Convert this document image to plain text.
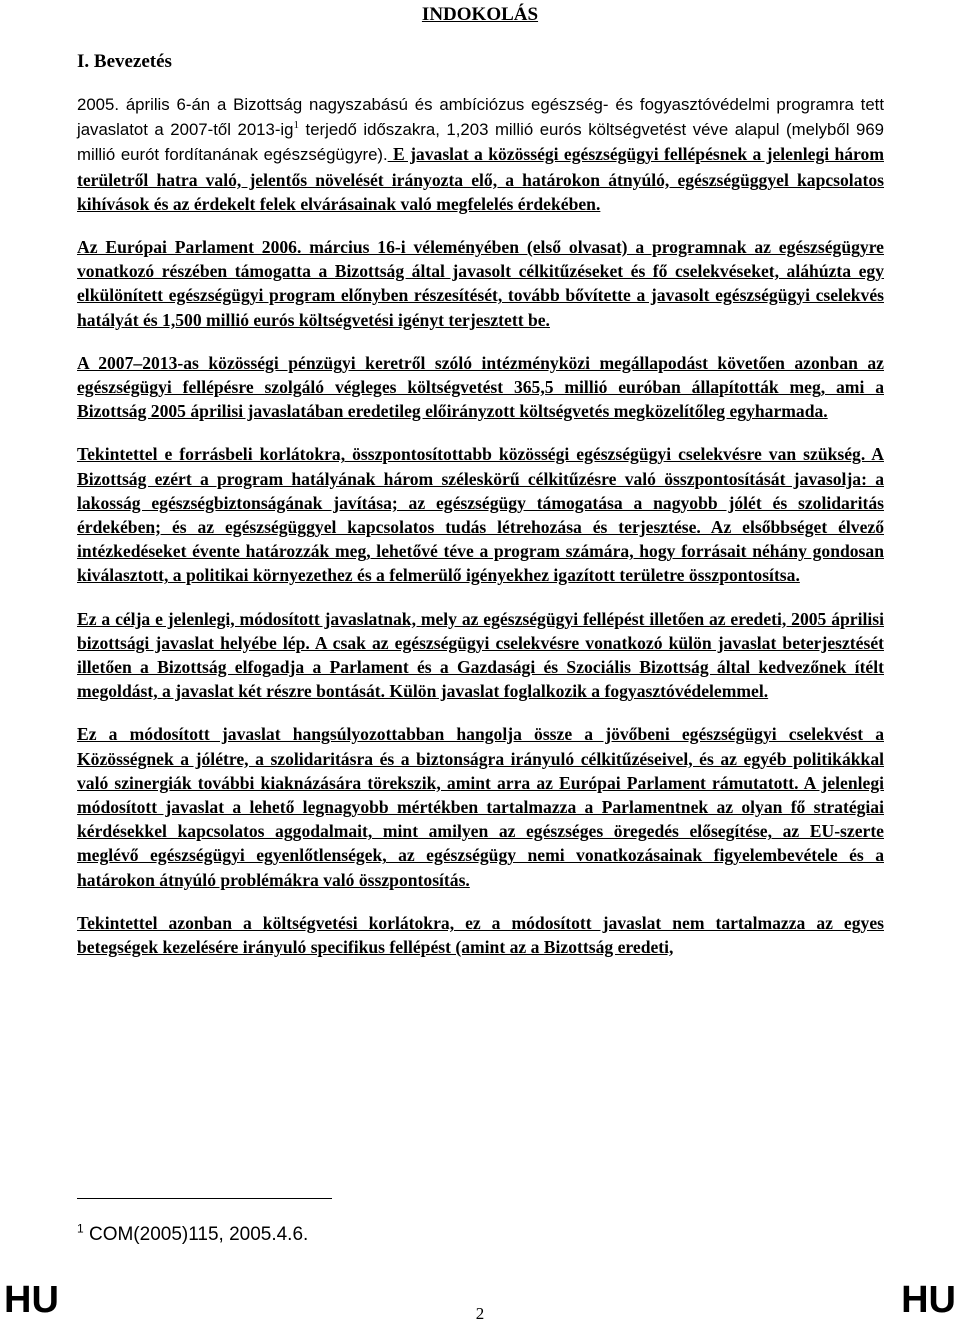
INDOKOLÁS
I. Bevezetés

2005. április 6-án a Bizottság nagyszabású és ambíciózus egészség- és fogyasztóvédelmi programra tett javaslatot a 2007-től $2013-ig^1$ terjedő időszakra, 1,203 millió eurós költségvetést véve alapul (melyből 969 millió eurót fordítanának egészségügyre). E javaslat a közösségi egészségügyi fellépésnek a jelenlegi három területről hatra való, jelentős növelését irányozta elő, a határokon átnyúló, egészségüggyel kapcsolatos kihívások és az érdekelt felek elvárásainak való megfelelés érdekében.

Az Európai Parlament 2006. március 16-i véleményében (első olvasat) a programnak az egészségügyre vonatkozó részében támogatta a Bizottság által javasolt célkitűzéseket és fő cselekvéseket, aláhúzta egy elkülönített egészségügyi program előnyben részesítését, tovább bővítette a javasolt egészségügyi cselekvés hatályát és 1,500 millió eurós költségvetési igényt terjesztett be.

A 2007–2013-as közösségi pénzügyi keretről szóló intézményközi megállapodást követően azonban az egészségügyi fellépésre szolgáló végleges költségvetést 365,5 millió euróban állapították meg, ami a Bizottság 2005 áprilisi javaslatában eredetileg előirányzott költségvetés megközelítőleg egyharmada.

Tekintettel e forrásbeli korlátokra, összpontosítottabb közösségi egészségügyi cselekvésre van szükség. A Bizottság ezért a program hatályának három széleskörű célkitűzésre való összpontosítását javasolja: a lakosság egészségbiztonságának javítása; az egészségügy támogatása a nagyobb jólét és szolidaritás érdekében; és az egészségüggyel kapcsolatos tudás létrehozása és terjesztése. Az elsőbbséget élvező intézkedéseket évente határozzák meg, lehetővé téve a program számára, hogy forrásait néhány gondosan kiválasztott, a politikai környezethez és a felmerülő igényekhez igazított területre összpontosítsa.

Ez a célja e jelenlegi, módosított javaslatnak, mely az egészségügyi fellépést illetően az eredeti, 2005 áprilisi bizottsági javaslat helyébe lép. A csak az egészségügyi cselekvésre vonatkozó külön javaslat beterjesztését illetően a Bizottság elfogadja a Parlament és a Gazdasági és Szociális Bizottság által kedvezőnek ítélt megoldást, a javaslat két részre bontását. Külön javaslat foglalkozik a fogyasztóvédelemmel.

Ez a módosított javaslat hangsúlyozottabban hangolja össze a jövőbeni egészségügyi cselekvést a Közösségnek a jólétre, a szolidaritásra és a biztonságra irányuló célkitűzéseivel, és az egyéb politikákkal való szinergiák további kiaknázására törekszik, amint arra az Európai Parlament rámutatott. A jelenlegi módosított javaslat a lehető legnagyobb mértékben tartalmazza a Parlamentnek az olyan fő stratégiai kérdésekkel kapcsolatos aggodalmait, mint amilyen az egészséges öregedés elősegítése, az EU-szerte meglévő egészségügyi egyenlőtlenségek, az egészségügy nemi vonatkozásainak figyelembevétele és a határokon átnyúló problémákra való összpontosítás.

Tekintettel azonban a költségvetési korlátokra, ez a módosított javaslat nem tartalmazza az egyes betegségek kezelésére irányuló specifikus fellépést (amint az a Bizottság eredeti,

$^1$ COM(2005)115, 2005.4.6.

HU	2	HU
